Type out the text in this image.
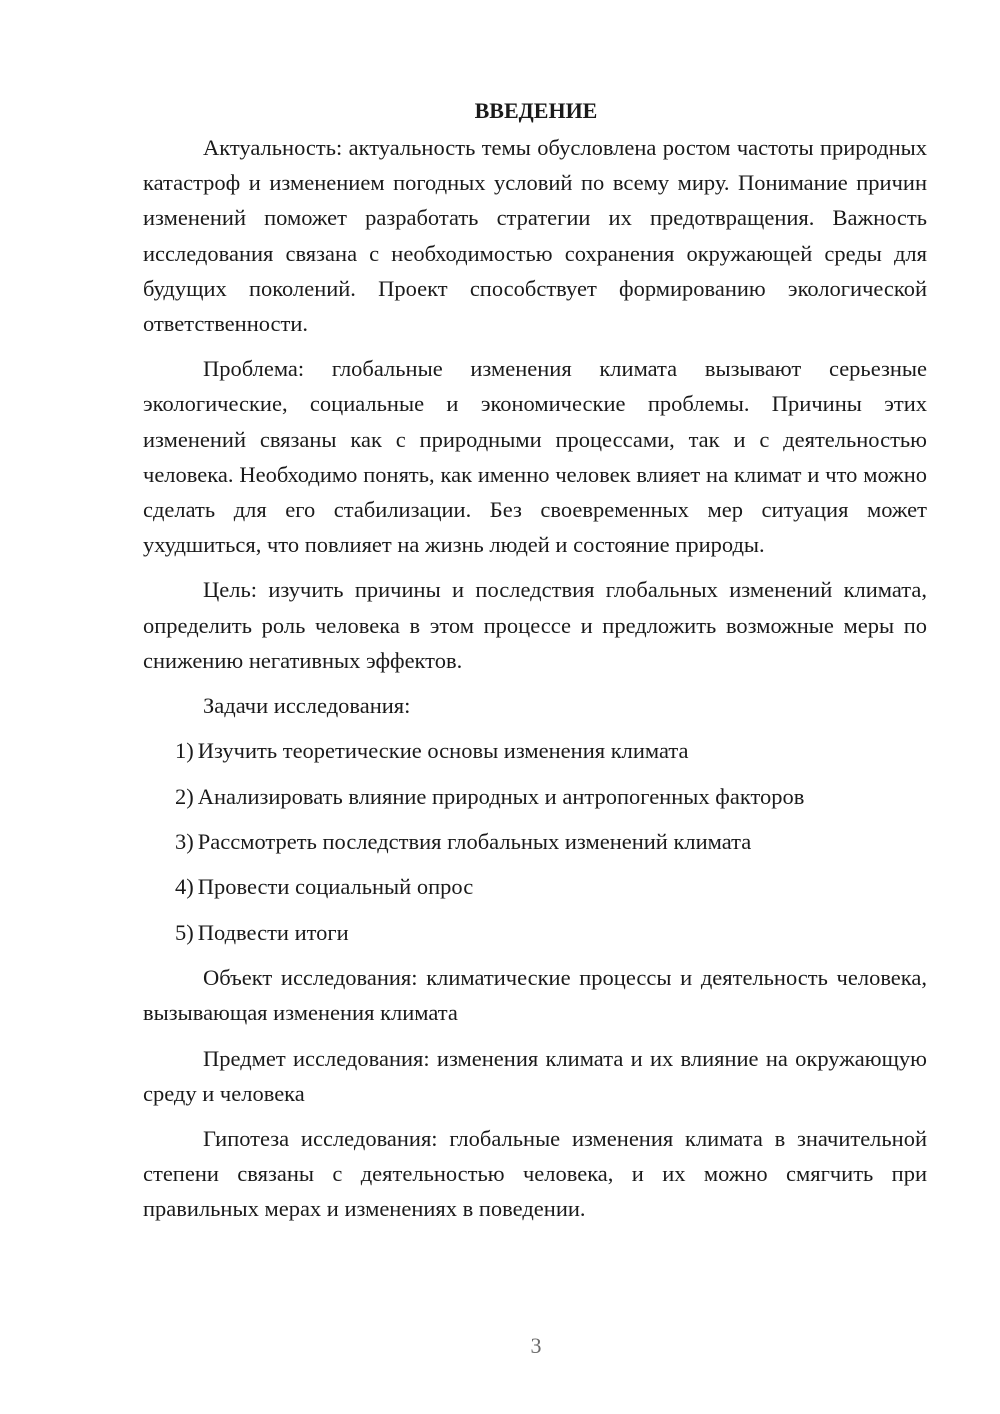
ВВЕДЕНИЕ

Актуальность: актуальность темы обусловлена ростом частоты природных катастроф и изменением погодных условий по всему миру. Понимание причин изменений поможет разработать стратегии их предотвращения. Важность исследования связана с необходимостью сохранения окружающей среды для будущих поколений. Проект способствует формированию экологической ответственности.

Проблема: глобальные изменения климата вызывают серьезные экологические, социальные и экономические проблемы. Причины этих изменений связаны как с природными процессами, так и с деятельностью человека. Необходимо понять, как именно человек влияет на климат и что можно сделать для его стабилизации. Без своевременных мер ситуация может ухудшиться, что повлияет на жизнь людей и состояние природы.

Цель: изучить причины и последствия глобальных изменений климата, определить роль человека в этом процессе и предложить возможные меры по снижению негативных эффектов.

Задачи исследования:

1) Изучить теоретические основы изменения климата
2) Анализировать влияние природных и антропогенных факторов
3) Рассмотреть последствия глобальных изменений климата
4) Провести социальный опрос
5) Подвести итоги

Объект исследования: климатические процессы и деятельность человека, вызывающая изменения климата

Предмет исследования: изменения климата и их влияние на окружающую среду и человека

Гипотеза исследования: глобальные изменения климата в значительной степени связаны с деятельностью человека, и их можно смягчить при правильных мерах и изменениях в поведении.

3
